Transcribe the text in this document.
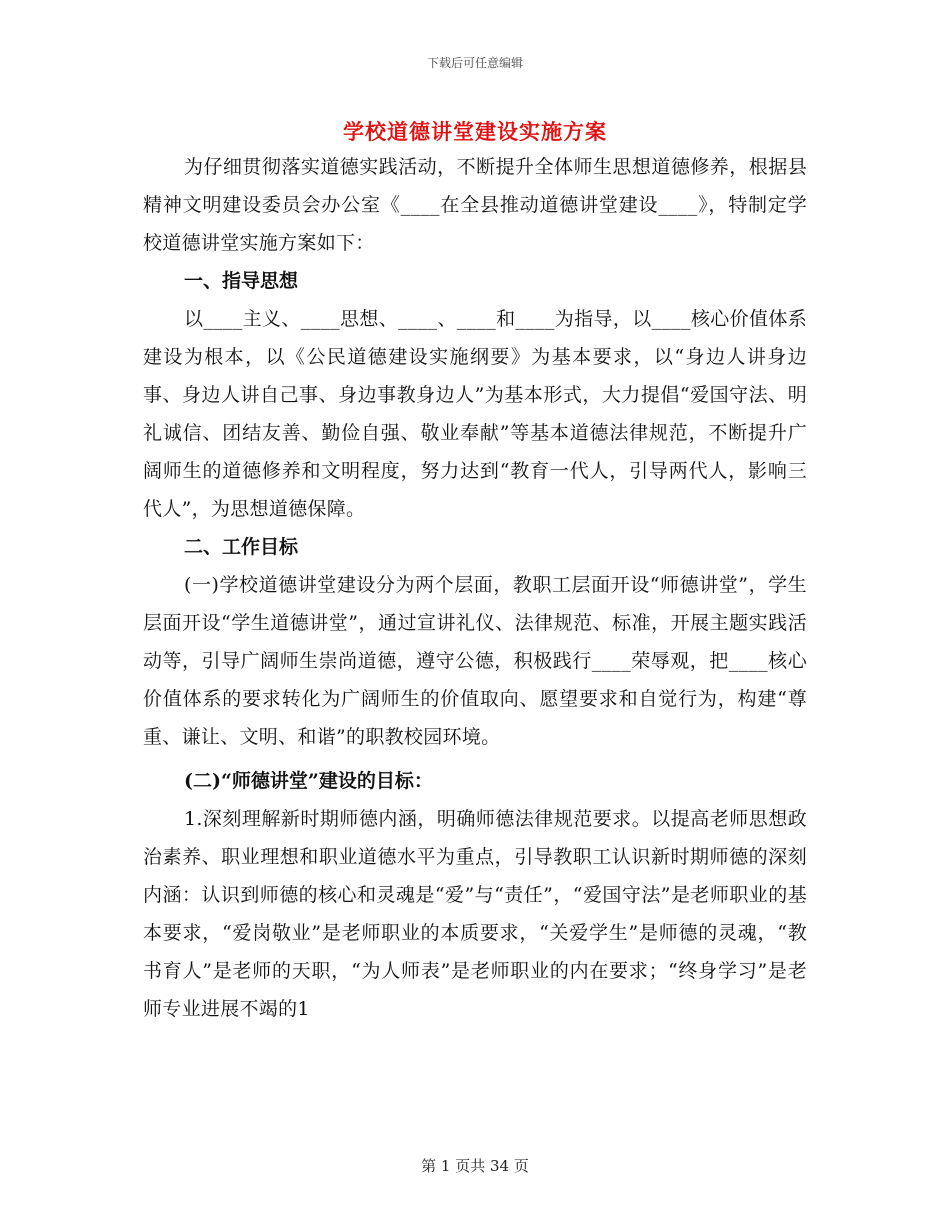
下载后可任意编辑
学校道德讲堂建设实施方案

为仔细贯彻落实道德实践活动，不断提升全体师生思想道德修养，根据县精神文明建设委员会办公室《____在全县推动道德讲堂建设____》，特制定学校道德讲堂实施方案如下：

一、指导思想

以____主义、____思想、____、____和____为指导，以____核心价值体系建设为根本，以《公民道德建设实施纲要》为基本要求，以“身边人讲身边事、身边人讲自己事、身边事教身边人”为基本形式，大力提倡“爱国守法、明礼诚信、团结友善、勤俭自强、敬业奉献”等基本道德法律规范，不断提升广阔师生的道德修养和文明程度，努力达到“教育一代人，引导两代人，影响三代人”，为思想道德保障。

二、工作目标

(一)学校道德讲堂建设分为两个层面，教职工层面开设“师德讲堂”，学生层面开设“学生道德讲堂”，通过宣讲礼仪、法律规范、标准，开展主题实践活动等，引导广阔师生崇尚道德，遵守公德，积极践行____荣辱观，把____核心价值体系的要求转化为广阔师生的价值取向、愿望要求和自觉行为，构建“尊重、谦让、文明、和谐”的职教校园环境。

(二)“师德讲堂”建设的目标：

1.深刻理解新时期师德内涵，明确师德法律规范要求。以提高老师思想政治素养、职业理想和职业道德水平为重点，引导教职工认识新时期师德的深刻内涵：认识到师德的核心和灵魂是“爱”与“责任”，“爱国守法”是老师职业的基本要求，“爱岗敬业”是老师职业的本质要求，“关爱学生”是师德的灵魂，“教书育人”是老师的天职，“为人师表”是老师职业的内在要求；“终身学习”是老师专业进展不竭的1

第 1 页共 34 页
